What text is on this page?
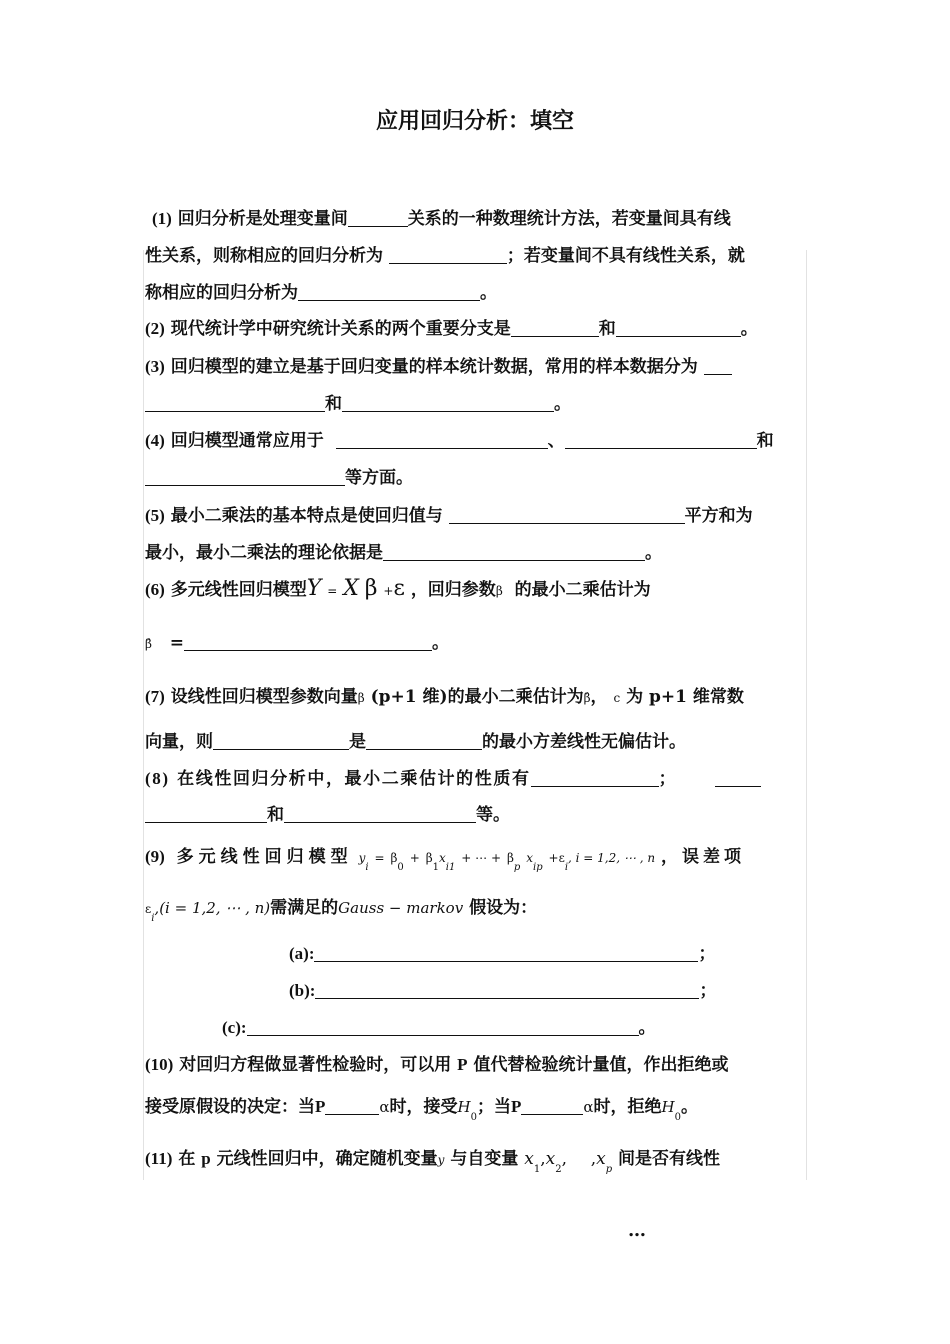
应用回归分析：填空
(1) 回归分析是处理变量间	关系的一种数理统计方法，若变量间具有线
性关系，则称相应的回归分析为	；若变量间不具有线性关系，就
称相应的回归分析为	。
(2) 现代统计学中研究统计关系的两个重要分支是	和	。
(3) 回归模型的建立是基于回归变量的样本统计数据，常用的样本数据分为
和	。
(4) 回归模型通常应用于	、	和
等方面。
(5) 最小二乘法的基本特点是使回归值与	平方和为
最小，最小二乘法的理论依据是	。
(6) 多元线性回归模型Y = X β +ε ，回归参数β 的最小二乘估计为
β̂ =	。
(7) 设线性回归模型参数向量β (p+1 维)的最小二乘估计为β̂， c 为 p+1 维常数
向量，则	是	的最小方差线性无偏估计。
(8) 在线性回归分析中，最小二乘估计的性质有	；
和	等。
(9) 多元线性回归模型 $y_i = \beta_0 + \beta_1x_{i1}$ + ⋯ + $\beta_p$ $x_{ip} +\varepsilon_i$, i = 1,2, ⋯ , n ，误差项
$\varepsilon_i,(i = 1,2$, ⋯ , n)需满足的Gauss − markov 假设为：
(a):	；
(b):	；
(c):	。
(10) 对回归方程做显著性检验时，可以用 P 值代替检验统计量值，作出拒绝或
接受原假设的决定：当P	α时，接受$H_0$；当P	α时，拒绝$H_0$。
(11) 在 p 元线性回归中，确定随机变量y 与自变量 $x_1,x_2$, $,x_p$ 间是否有线性
…
